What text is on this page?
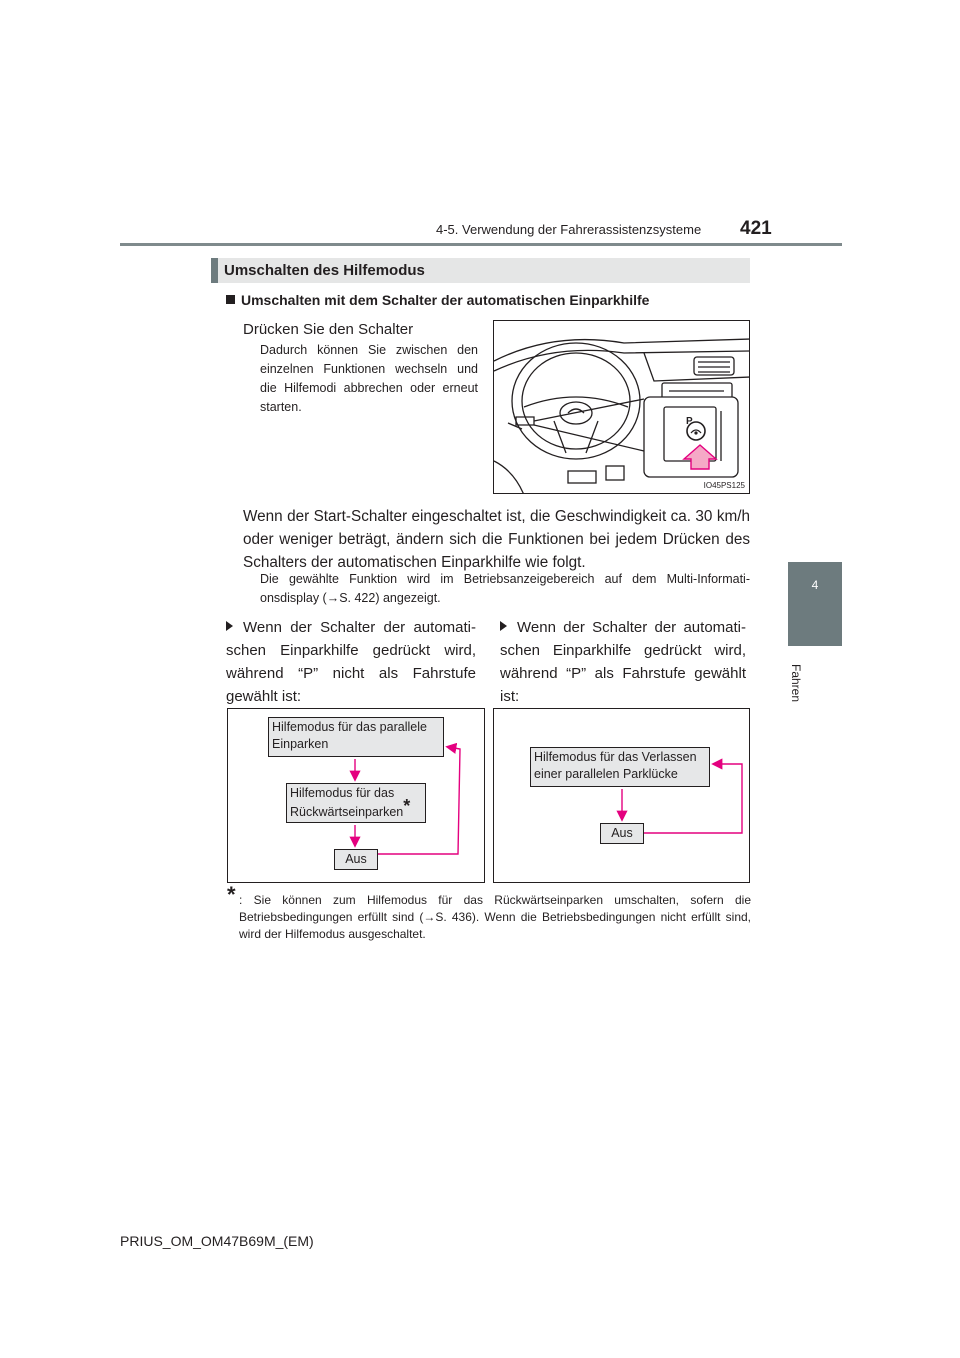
4-5. Verwendung der Fahrerassistenzsysteme 421
4
Fahren
Umschalten des Hilfemodus
Umschalten mit dem Schalter der automatischen Einparkhilfe
Drücken Sie den Schalter
Dadurch können Sie zwischen den einzelnen Funktionen wechseln und die Hilfemodi abbrechen oder erneut starten.
P
IO45PS125
Wenn der Start-Schalter eingeschaltet ist, die Geschwindigkeit ca. 30 km/h oder weniger beträgt, ändern sich die Funktionen bei jedem Drücken des Schalters der automatischen Einparkhilfe wie folgt.
Die gewählte Funktion wird im Betriebsanzeigebereich auf dem Multi-Informati-onsdisplay (→S. 422) angezeigt.
Wenn der Schalter der automati-schen Einparkhilfe gedrückt wird, während “P” nicht als Fahrstufe gewählt ist:
Wenn der Schalter der automati-schen Einparkhilfe gedrückt wird, während “P” als Fahrstufe gewählt ist:
Hilfemodus für das parallele Einparken
Hilfemodus für das Rückwärtseinparken*
Aus
Hilfemodus für das Verlassen einer parallelen Parklücke
Aus
* : Sie können zum Hilfemodus für das Rückwärtseinparken umschalten, sofern die Betriebsbedingungen erfüllt sind (→S. 436). Wenn die Betriebsbedingungen nicht erfüllt sind, wird der Hilfemodus ausgeschaltet.
PRIUS_OM_OM47B69M_(EM)
